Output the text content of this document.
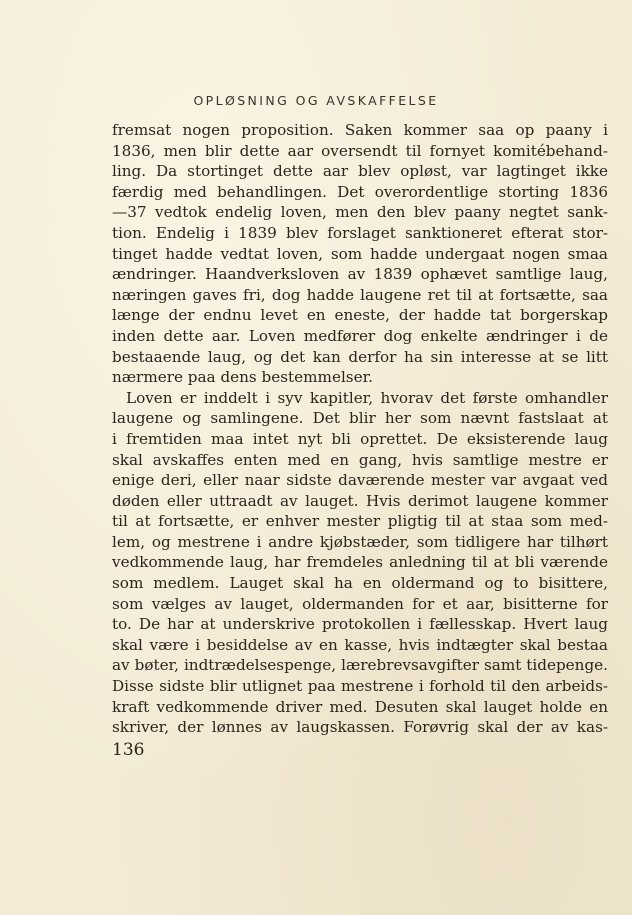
OPLØSNING OG AVSKAFFELSE
fremsat nogen proposition. Saken kommer saa op paany i
1836, men blir dette aar oversendt til fornyet komitébehand-
ling. Da stortinget dette aar blev opløst, var lagtinget ikke
færdig med behandlingen. Det overordentlige storting 1836
—37 vedtok endelig loven, men den blev paany negtet sank-
tion. Endelig i 1839 blev forslaget sanktioneret efterat stor-
tinget hadde vedtat loven, som hadde undergaat nogen smaa
ændringer. Haandverksloven av 1839 ophævet samtlige laug,
næringen gaves fri, dog hadde laugene ret til at fortsætte, saa
længe der endnu levet en eneste, der hadde tat borgerskap
inden dette aar. Loven medfører dog enkelte ændringer i de
bestaaende laug, og det kan derfor ha sin interesse at se litt
nærmere paa dens bestemmelser.
Loven er inddelt i syv kapitler, hvorav det første omhandler
laugene og samlingene. Det blir her som nævnt fastslaat at
i fremtiden maa intet nyt bli oprettet. De eksisterende laug
skal avskaffes enten med en gang, hvis samtlige mestre er
enige deri, eller naar sidste daværende mester var avgaat ved
døden eller uttraadt av lauget. Hvis derimot laugene kommer
til at fortsætte, er enhver mester pligtig til at staa som med-
lem, og mestrene i andre kjøbstæder, som tidligere har tilhørt
vedkommende laug, har fremdeles anledning til at bli værende
som medlem. Lauget skal ha en oldermand og to bisittere,
som vælges av lauget, oldermanden for et aar, bisitterne for
to. De har at underskrive protokollen i fællesskap. Hvert laug
skal være i besiddelse av en kasse, hvis indtægter skal bestaa
av bøter, indtrædelsespenge, lærebrevsavgifter samt tidepenge.
Disse sidste blir utlignet paa mestrene i forhold til den arbeids-
kraft vedkommende driver med. Desuten skal lauget holde en
skriver, der lønnes av laugskassen. Forøvrig skal der av kas-
136
